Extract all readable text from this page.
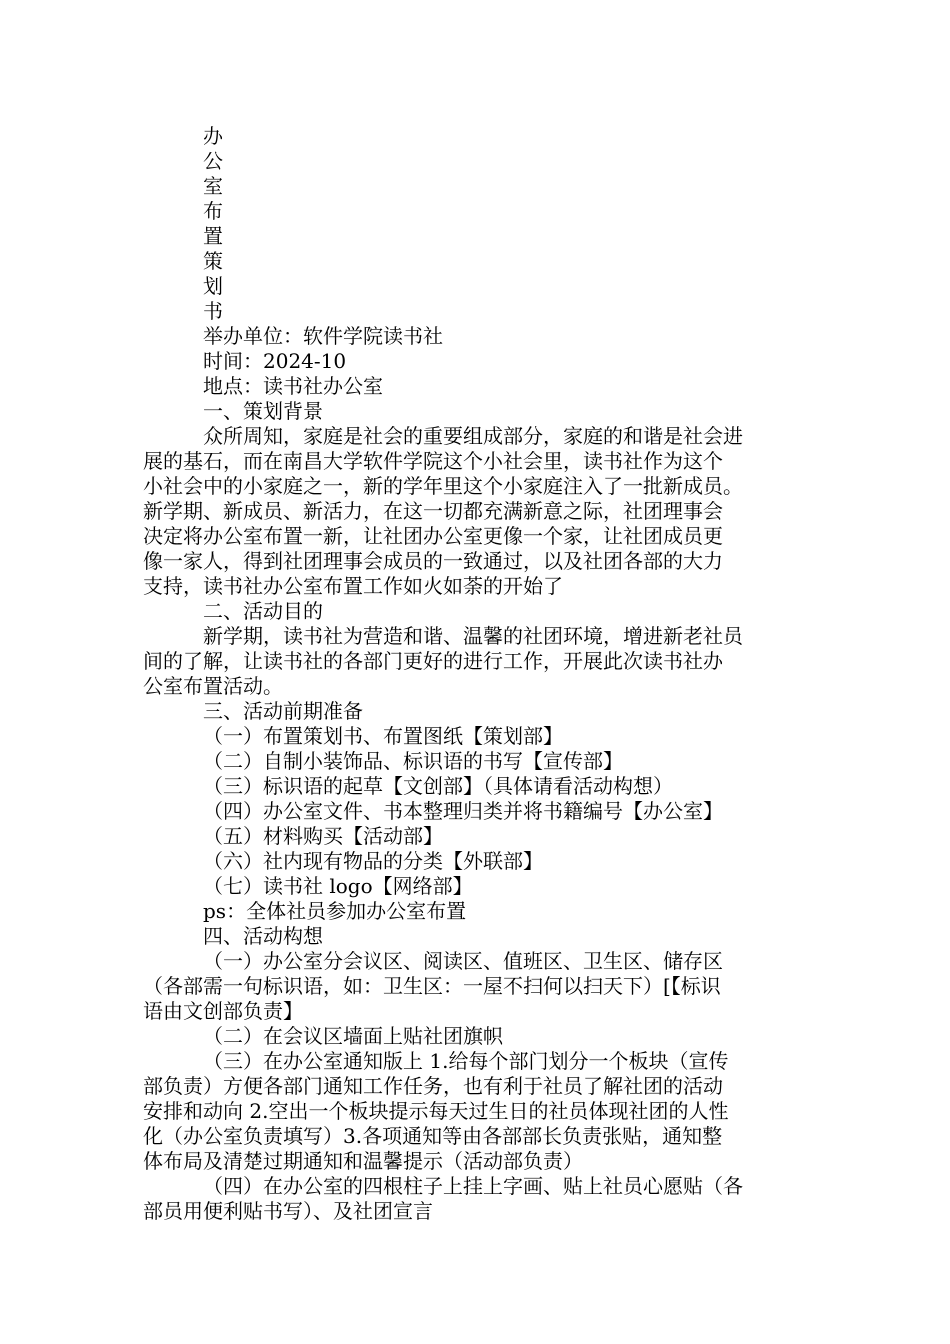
办
公
室
布
置
策
划
书
举办单位：软件学院读书社
时间：2024-10
地点：读书社办公室
一、策划背景
众所周知，家庭是社会的重要组成部分，家庭的和谐是社会进
展的基石，而在南昌大学软件学院这个小社会里，读书社作为这个
小社会中的小家庭之一，新的学年里这个小家庭注入了一批新成员。
新学期、新成员、新活力，在这一切都充满新意之际，社团理事会
决定将办公室布置一新，让社团办公室更像一个家，让社团成员更
像一家人，得到社团理事会成员的一致通过，以及社团各部的大力
支持，读书社办公室布置工作如火如荼的开始了
二、活动目的
新学期，读书社为营造和谐、温馨的社团环境，增进新老社员
间的了解，让读书社的各部门更好的进行工作，开展此次读书社办
公室布置活动。
三、活动前期准备
（一）布置策划书、布置图纸【策划部】
（二）自制小装饰品、标识语的书写【宣传部】
（三）标识语的起草【文创部】（具体请看活动构想）
（四）办公室文件、书本整理归类并将书籍编号【办公室】
（五）材料购买【活动部】
（六）社内现有物品的分类【外联部】
（七）读书社 logo【网络部】
ps：全体社员参加办公室布置
四、活动构想
（一）办公室分会议区、阅读区、值班区、卫生区、储存区
（各部需一句标识语，如：卫生区：一屋不扫何以扫天下）[【标识
语由文创部负责】
（二）在会议区墙面上贴社团旗帜
（三）在办公室通知版上 1.给每个部门划分一个板块（宣传
部负责）方便各部门通知工作任务，也有利于社员了解社团的活动
安排和动向 2.空出一个板块提示每天过生日的社员体现社团的人性
化（办公室负责填写）3.各项通知等由各部部长负责张贴，通知整
体布局及清楚过期通知和温馨提示（活动部负责）
（四）在办公室的四根柱子上挂上字画、贴上社员心愿贴（各
部员用便利贴书写）、及社团宣言
